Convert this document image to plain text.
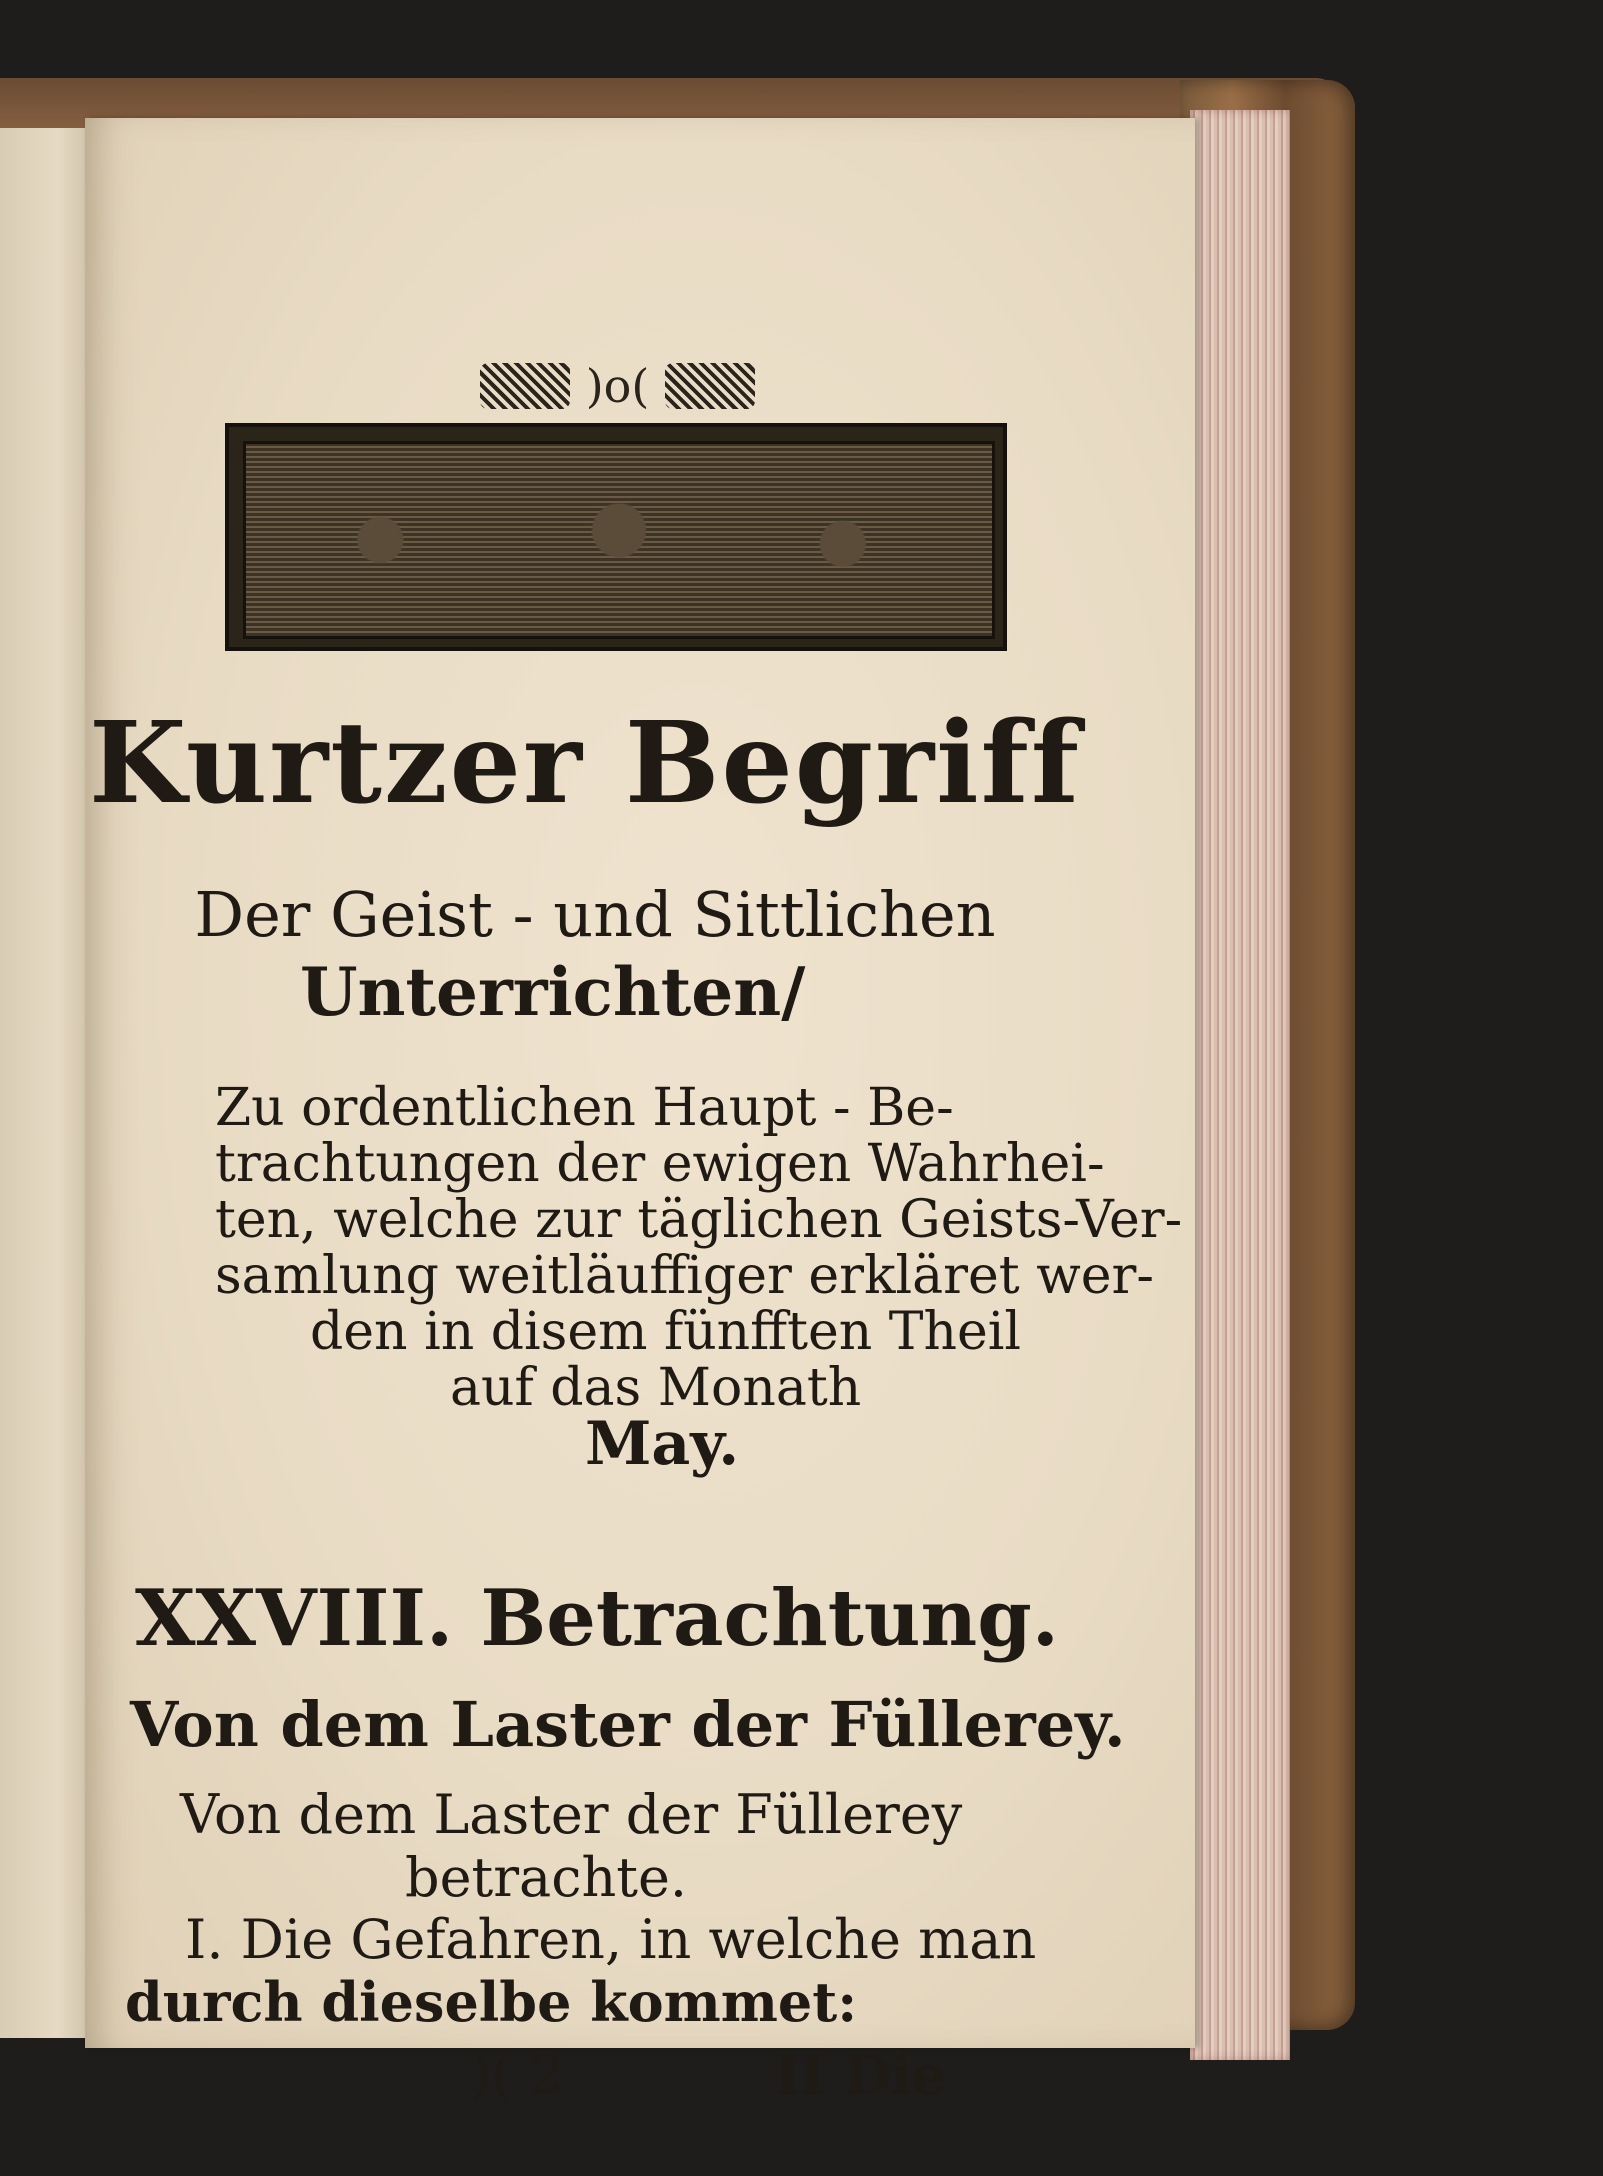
)o(

Kurtzer Begriff

Der Geist - und Sittlichen

Unterrichten/

Zu ordentlichen Haupt - Be-
trachtungen der ewigen Wahrhei-
ten, welche zur täglichen Geists-Ver-
samlung weitläuffiger erkläret wer-
den in disem fünfften Theil
auf das Monath
May.

XXVIII. Betrachtung.

Von dem Laster der Füllerey.

Von dem Laster der Füllerey

betrachte.

I. Die Gefahren, in welche man

durch dieselbe kommet:

)( 2	II Die
